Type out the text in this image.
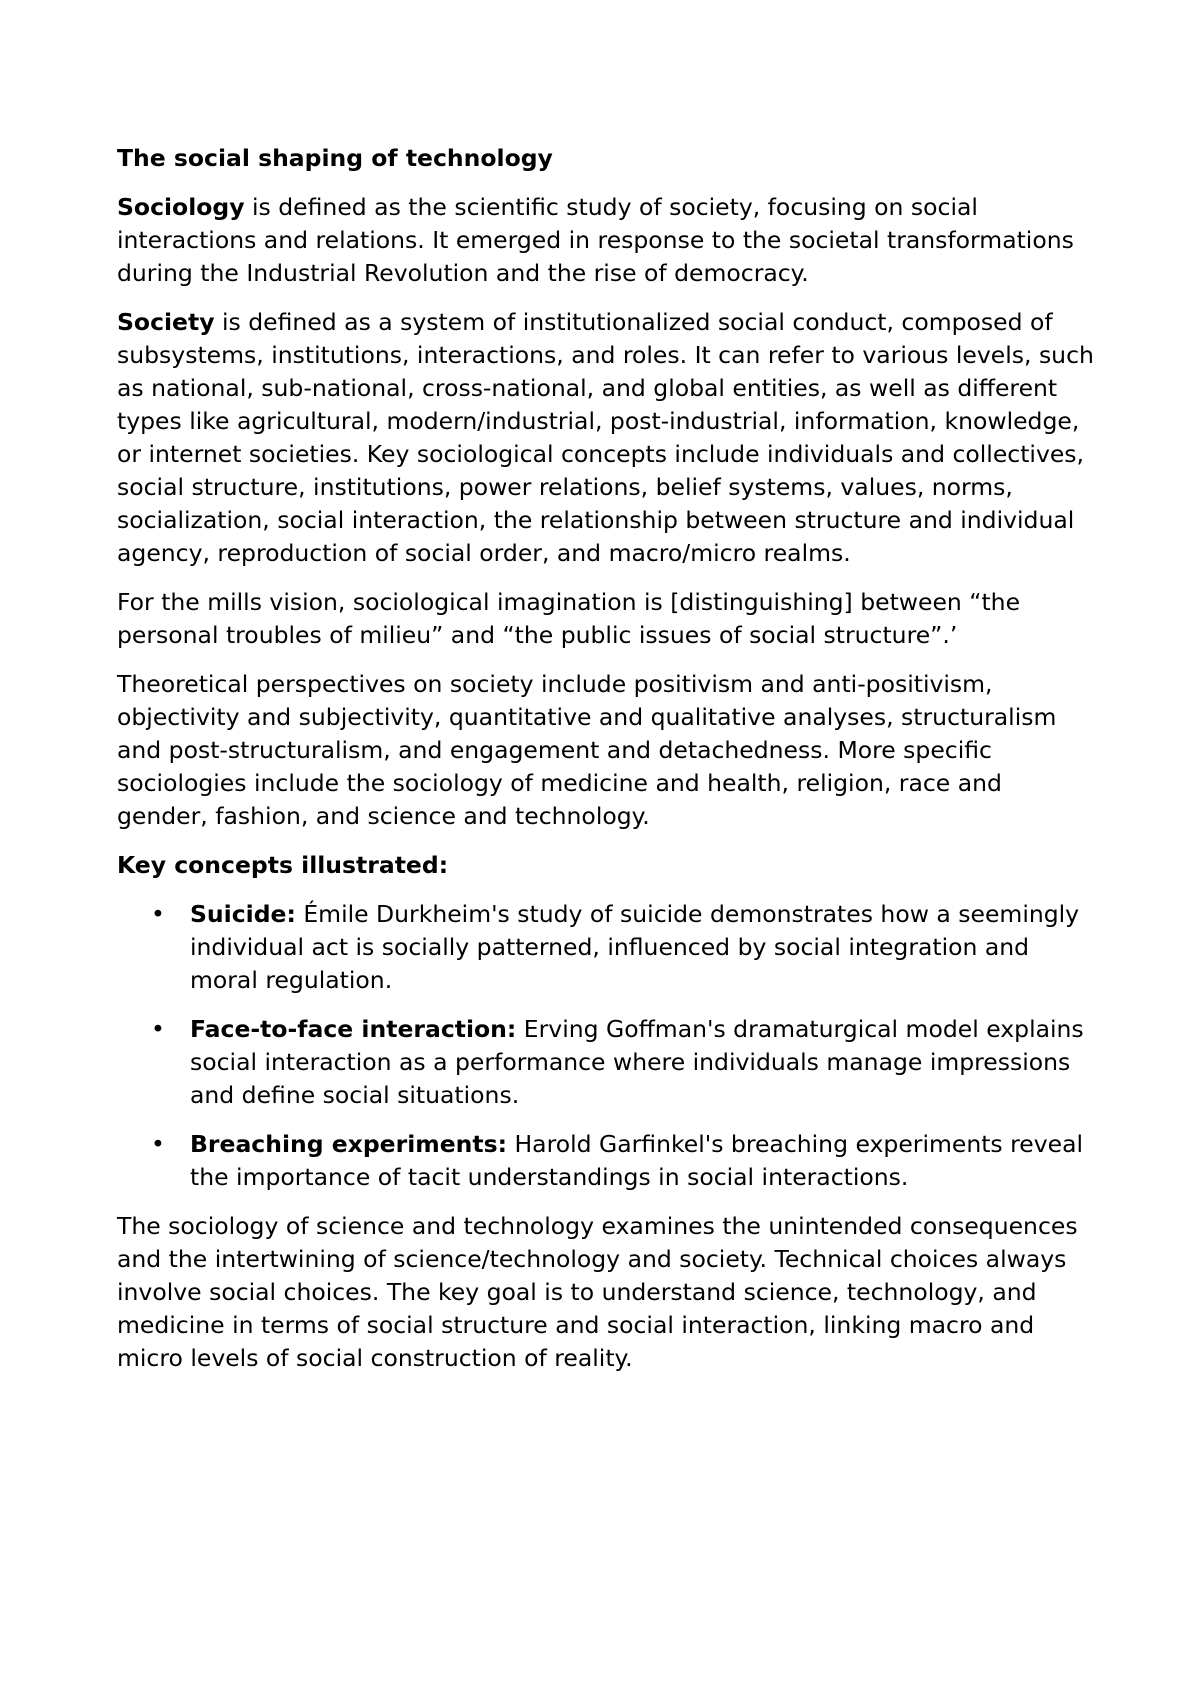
The social shaping of technology

Sociology is defined as the scientific study of society, focusing on social interactions and relations. It emerged in response to the societal transformations during the Industrial Revolution and the rise of democracy.

Society is defined as a system of institutionalized social conduct, composed of subsystems, institutions, interactions, and roles. It can refer to various levels, such as national, sub-national, cross-national, and global entities, as well as different types like agricultural, modern/industrial, post-industrial, information, knowledge, or internet societies. Key sociological concepts include individuals and collectives, social structure, institutions, power relations, belief systems, values, norms, socialization, social interaction, the relationship between structure and individual agency, reproduction of social order, and macro/micro realms.

For the mills vision, sociological imagination is [distinguishing] between “the personal troubles of milieu” and “the public issues of social structure”.’

Theoretical perspectives on society include positivism and anti-positivism, objectivity and subjectivity, quantitative and qualitative analyses, structuralism and post-structuralism, and engagement and detachedness. More specific sociologies include the sociology of medicine and health, religion, race and gender, fashion, and science and technology.

Key concepts illustrated:
• Suicide: Émile Durkheim's study of suicide demonstrates how a seemingly individual act is socially patterned, influenced by social integration and moral regulation.
• Face-to-face interaction: Erving Goffman's dramaturgical model explains social interaction as a performance where individuals manage impressions and define social situations.
• Breaching experiments: Harold Garfinkel's breaching experiments reveal the importance of tacit understandings in social interactions.

The sociology of science and technology examines the unintended consequences and the intertwining of science/technology and society. Technical choices always involve social choices. The key goal is to understand science, technology, and medicine in terms of social structure and social interaction, linking macro and micro levels of social construction of reality.
